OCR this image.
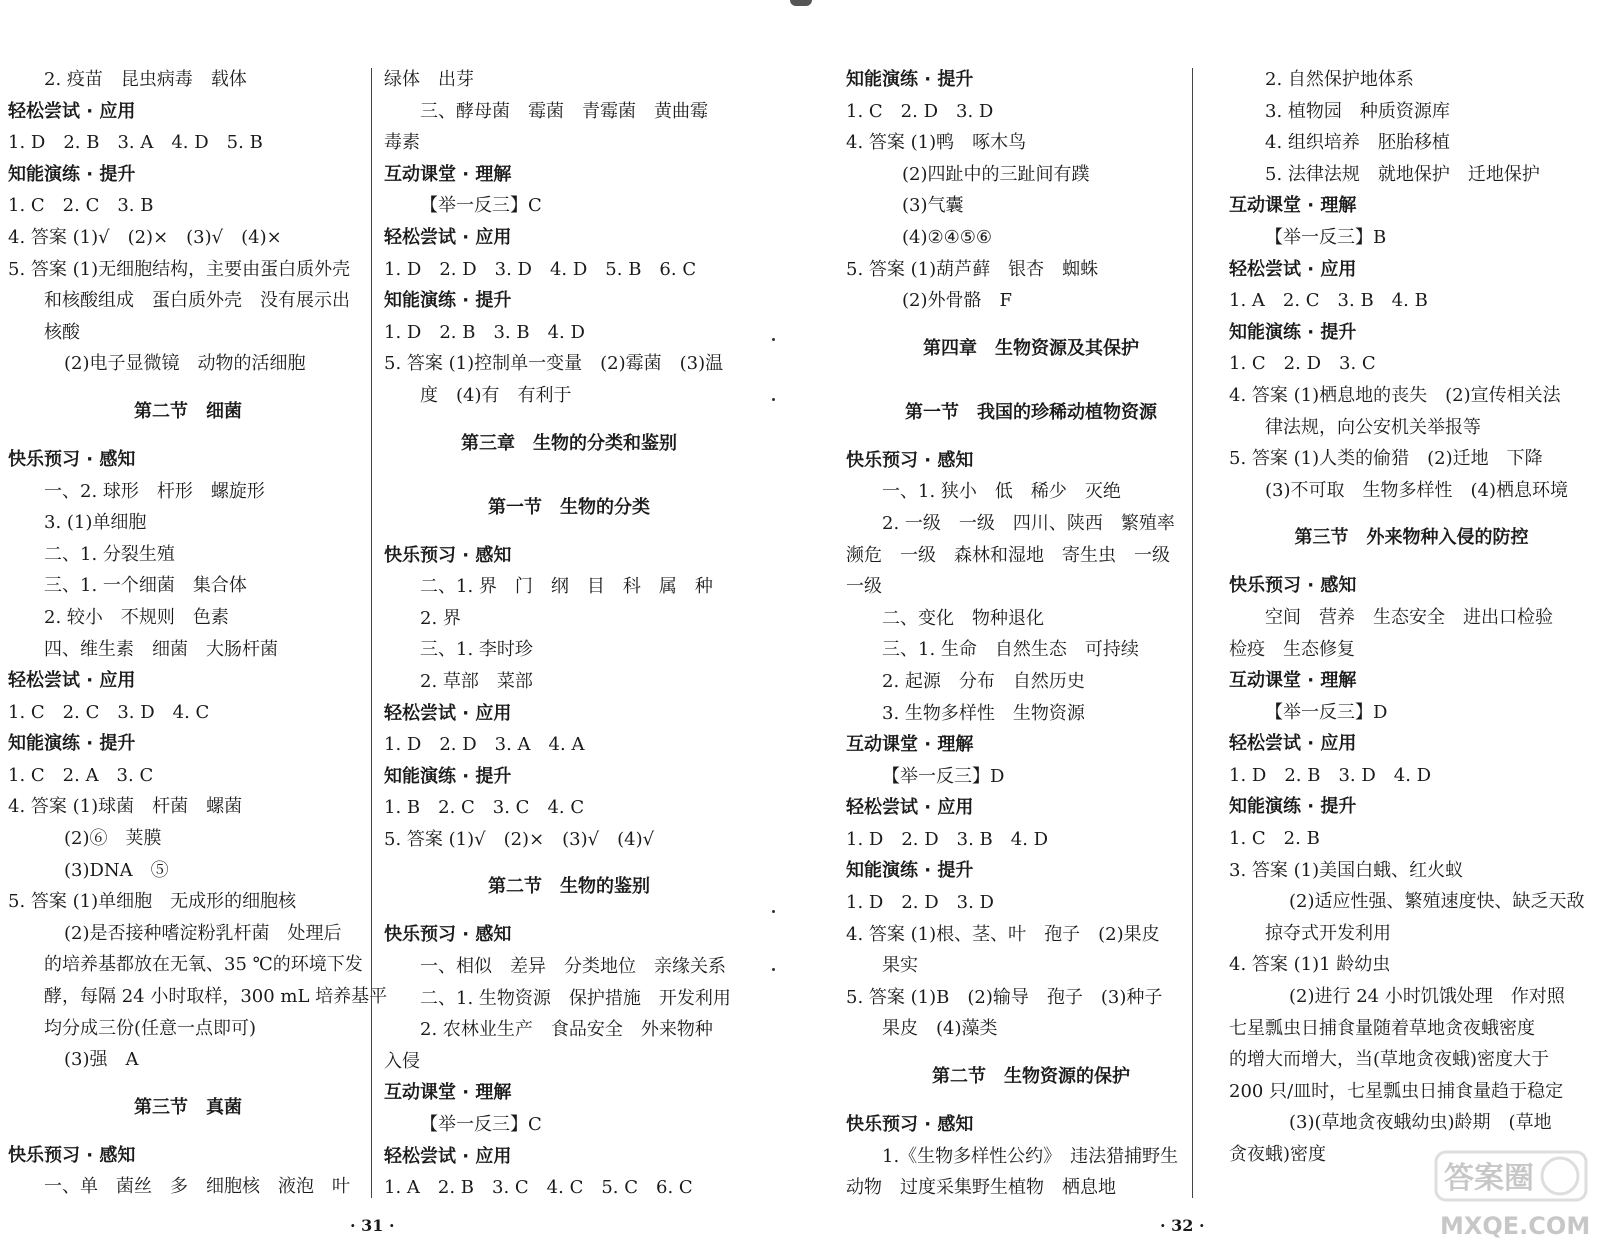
2. 疫苗　昆虫病毒　载体
轻松尝试 · 应用
1. D　2. B　3. A　4. D　5. B
知能演练 · 提升
1. C　2. C　3. B
4. 答案 (1)√　(2)×　(3)√　(4)×
5. 答案 (1)无细胞结构，主要由蛋白质外壳
和核酸组成　蛋白质外壳　没有展示出
核酸
(2)电子显微镜　动物的活细胞
第二节　细菌
快乐预习 · 感知
一、2. 球形　杆形　螺旋形
3. (1)单细胞
二、1. 分裂生殖
三、1. 一个细菌　集合体
2. 较小　不规则　色素
四、维生素　细菌　大肠杆菌
轻松尝试 · 应用
1. C　2. C　3. D　4. C
知能演练 · 提升
1. C　2. A　3. C
4. 答案 (1)球菌　杆菌　螺菌
(2)⑥　荚膜
(3)DNA　⑤
5. 答案 (1)单细胞　无成形的细胞核
(2)是否接种嗜淀粉乳杆菌　处理后
的培养基都放在无氧、35 ℃的环境下发
酵，每隔 24 小时取样，300 mL 培养基平
均分成三份(任意一点即可)
(3)强　A
第三节　真菌
快乐预习 · 感知
一、单　菌丝　多　细胞核　液泡　叶
绿体　出芽
三、酵母菌　霉菌　青霉菌　黄曲霉
毒素
互动课堂 · 理解
【举一反三】C
轻松尝试 · 应用
1. D　2. D　3. D　4. D　5. B　6. C
知能演练 · 提升
1. D　2. B　3. B　4. D
5. 答案 (1)控制单一变量　(2)霉菌　(3)温
度　(4)有　有利于
第三章　生物的分类和鉴别
第一节　生物的分类
快乐预习 · 感知
二、1. 界　门　纲　目　科　属　种
2. 界
三、1. 李时珍
2. 草部　菜部
轻松尝试 · 应用
1. D　2. D　3. A　4. A
知能演练 · 提升
1. B　2. C　3. C　4. C
5. 答案 (1)√　(2)×　(3)√　(4)√
第二节　生物的鉴别
快乐预习 · 感知
一、相似　差异　分类地位　亲缘关系
二、1. 生物资源　保护措施　开发利用
2. 农林业生产　食品安全　外来物种
入侵
互动课堂 · 理解
【举一反三】C
轻松尝试 · 应用
1. A　2. B　3. C　4. C　5. C　6. C
知能演练 · 提升
1. C　2. D　3. D
4. 答案 (1)鸭　啄木鸟
(2)四趾中的三趾间有蹼
(3)气囊
(4)②④⑤⑥
5. 答案 (1)葫芦藓　银杏　蜘蛛
(2)外骨骼　F
第四章　生物资源及其保护
第一节　我国的珍稀动植物资源
快乐预习 · 感知
一、1. 狭小　低　稀少　灭绝
2. 一级　一级　四川、陕西　繁殖率
濒危　一级　森林和湿地　寄生虫　一级
一级
二、变化　物种退化
三、1. 生命　自然生态　可持续
2. 起源　分布　自然历史
3. 生物多样性　生物资源
互动课堂 · 理解
【举一反三】D
轻松尝试 · 应用
1. D　2. D　3. B　4. D
知能演练 · 提升
1. D　2. D　3. D
4. 答案 (1)根、茎、叶　孢子　(2)果皮
果实
5. 答案 (1)B　(2)输导　孢子　(3)种子
果皮　(4)藻类
第二节　生物资源的保护
快乐预习 · 感知
1.《生物多样性公约》　违法猎捕野生
动物　过度采集野生植物　栖息地
2. 自然保护地体系
3. 植物园　种质资源库
4. 组织培养　胚胎移植
5. 法律法规　就地保护　迁地保护
互动课堂 · 理解
【举一反三】B
轻松尝试 · 应用
1. A　2. C　3. B　4. B
知能演练 · 提升
1. C　2. D　3. C
4. 答案 (1)栖息地的丧失　(2)宣传相关法
律法规，向公安机关举报等
5. 答案 (1)人类的偷猎　(2)迁地　下降
(3)不可取　生物多样性　(4)栖息环境
第三节　外来物种入侵的防控
快乐预习 · 感知
空间　营养　生态安全　进出口检验
检疫　生态修复
互动课堂 · 理解
【举一反三】D
轻松尝试 · 应用
1. D　2. B　3. D　4. D
知能演练 · 提升
1. C　2. B
3. 答案 (1)美国白蛾、红火蚁
(2)适应性强、繁殖速度快、缺乏天敌
掠夺式开发利用
4. 答案 (1)1 龄幼虫
(2)进行 24 小时饥饿处理　作对照
七星瓢虫日捕食量随着草地贪夜蛾密度
的增大而增大，当(草地贪夜蛾)密度大于
200 只/皿时，七星瓢虫日捕食量趋于稳定
(3)(草地贪夜蛾幼虫)龄期　(草地
贪夜蛾)密度
· 31 ·	· 32 ·
答案圈
MXQE.COM
